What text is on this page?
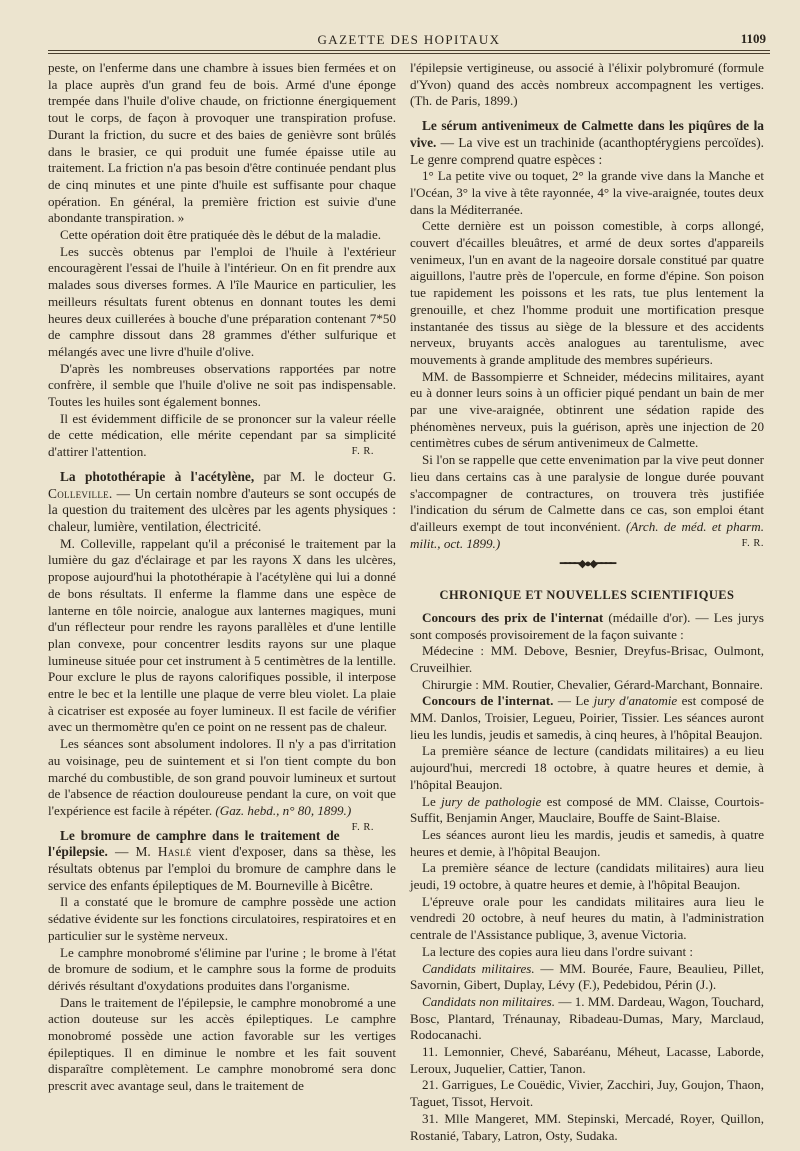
GAZETTE DES HOPITAUX	1109

peste, on l'enferme dans une chambre à issues bien fermées et on la place auprès d'un grand feu de bois. Armé d'une éponge trempée dans l'huile d'olive chaude, on frictionne énergiquement tout le corps, de façon à provoquer une transpiration profuse. Durant la friction, du sucre et des baies de genièvre sont brûlés dans le brasier, ce qui produit une fumée épaisse utile au traitement. La friction n'a pas besoin d'être continuée pendant plus de cinq minutes et une pinte d'huile est suffisante pour chaque opération. En général, la première friction est suivie d'une abondante transpiration. »

Cette opération doit être pratiquée dès le début de la maladie.

Les succès obtenus par l'emploi de l'huile à l'extérieur encouragèrent l'essai de l'huile à l'intérieur. On en fit prendre aux malades sous diverses formes. A l'île Maurice en particulier, les meilleurs résultats furent obtenus en donnant toutes les demi heures deux cuillerées à bouche d'une préparation contenant 7*50 de camphre dissout dans 28 grammes d'éther sulfurique et mélangés avec une livre d'huile d'olive.

D'après les nombreuses observations rapportées par notre confrère, il semble que l'huile d'olive ne soit pas indispensable. Toutes les huiles sont également bonnes.

Il est évidemment difficile de se prononcer sur la valeur réelle de cette médication, elle mérite cependant par sa simplicité d'attirer l'attention.	F. R.

La photothérapie à l'acétylène, par M. le docteur G. Colleville. — Un certain nombre d'auteurs se sont occupés de la question du traitement des ulcères par les agents physiques : chaleur, lumière, ventilation, électricité.

M. Colleville, rappelant qu'il a préconisé le traitement par la lumière du gaz d'éclairage et par les rayons X dans les ulcères, propose aujourd'hui la photothérapie à l'acétylène qui lui a donné de bons résultats. Il enferme la flamme dans une espèce de lanterne en tôle noircie, analogue aux lanternes magiques, muni d'un réflecteur pour rendre les rayons parallèles et d'une lentille plan convexe, pour concentrer lesdits rayons sur une plaque lumineuse située pour cet instrument à 5 centimètres de la lentille. Pour exclure le plus de rayons calorifiques possible, il interpose entre le bec et la lentille une plaque de verre bleu violet. La plaie à cicatriser est exposée au foyer lumineux. Il est facile de vérifier avec un thermomètre qu'en ce point on ne ressent pas de chaleur.

Les séances sont absolument indolores. Il n'y a pas d'irritation au voisinage, peu de suintement et si l'on tient compte du bon marché du combustible, de son grand pouvoir lumineux et surtout de l'absence de réaction douloureuse pendant la cure, on voit que l'expérience est facile à répéter. (Gaz. hebd., n° 80, 1899.)
F. R.

Le bromure de camphre dans le traitement de l'épilepsie. — M. Haslé vient d'exposer, dans sa thèse, les résultats obtenus par l'emploi du bromure de camphre dans le service des enfants épileptiques de M. Bourneville à Bicêtre.

Il a constaté que le bromure de camphre possède une action sédative évidente sur les fonctions circulatoires, respiratoires et en particulier sur le système nerveux.

Le camphre monobromé s'élimine par l'urine ; le brome à l'état de bromure de sodium, et le camphre sous la forme de produits dérivés résultant d'oxydations produites dans l'organisme.

Dans le traitement de l'épilepsie, le camphre monobromé a une action douteuse sur les accès épileptiques. Le camphre monobromé possède une action favorable sur les vertiges épileptiques. Il en diminue le nombre et les fait souvent disparaître complètement. Le camphre monobromé sera donc prescrit avec avantage seul, dans le traitement de

l'épilepsie vertigineuse, ou associé à l'élixir polybromuré (formule d'Yvon) quand des accès nombreux accompagnent les vertiges. (Th. de Paris, 1899.)

Le sérum antivenimeux de Calmette dans les piqûres de la vive. — La vive est un trachinide (acanthoptérygiens percoïdes). Le genre comprend quatre espèces :

1° La petite vive ou toquet, 2° la grande vive dans la Manche et l'Océan, 3° la vive à tête rayonnée, 4° la vive-araignée, toutes deux dans la Méditerranée.

Cette dernière est un poisson comestible, à corps allongé, couvert d'écailles bleuâtres, et armé de deux sortes d'appareils venimeux, l'un en avant de la nageoire dorsale constitué par quatre aiguillons, l'autre près de l'opercule, en forme d'épine. Son poison tue rapidement les poissons et les rats, tue plus lentement la grenouille, et chez l'homme produit une mortification presque instantanée des tissus au siège de la blessure et des accidents nerveux, bruyants accès analogues au tarentulisme, avec mouvements à grande amplitude des membres supérieurs.

MM. de Bassompierre et Schneider, médecins militaires, ayant eu à donner leurs soins à un officier piqué pendant un bain de mer par une vive-araignée, obtinrent une sédation rapide des phénomènes nerveux, puis la guérison, après une injection de 20 centimètres cubes de sérum antivenimeux de Calmette.

Si l'on se rappelle que cette envenimation par la vive peut donner lieu dans certains cas à une paralysie de longue durée pouvant s'accompagner de contractures, on trouvera très justifiée l'indication du sérum de Calmette dans ce cas, son emploi étant d'ailleurs exempt de tout inconvénient. (Arch. de méd. et pharm. milit., oct. 1899.)	F. R.

━━━━◆●◆━━━━
CHRONIQUE ET NOUVELLES SCIENTIFIQUES

Concours des prix de l'internat (médaille d'or). — Les jurys sont composés provisoirement de la façon suivante :

Médecine : MM. Debove, Besnier, Dreyfus-Brisac, Oulmont, Cruveilhier.

Chirurgie : MM. Routier, Chevalier, Gérard-Marchant, Bonnaire.

Concours de l'internat. — Le jury d'anatomie est composé de MM. Danlos, Troisier, Legueu, Poirier, Tissier. Les séances auront lieu les lundis, jeudis et samedis, à cinq heures, à l'hôpital Beaujon.

La première séance de lecture (candidats militaires) a eu lieu aujourd'hui, mercredi 18 octobre, à quatre heures et demie, à l'hôpital Beaujon.

Le jury de pathologie est composé de MM. Claisse, Courtois-Suffit, Benjamin Anger, Mauclaire, Bouffe de Saint-Blaise.

Les séances auront lieu les mardis, jeudis et samedis, à quatre heures et demie, à l'hôpital Beaujon.

La première séance de lecture (candidats militaires) aura lieu jeudi, 19 octobre, à quatre heures et demie, à l'hôpital Beaujon.

L'épreuve orale pour les candidats militaires aura lieu le vendredi 20 octobre, à neuf heures du matin, à l'administration centrale de l'Assistance publique, 3, avenue Victoria.

La lecture des copies aura lieu dans l'ordre suivant :

Candidats militaires. — MM. Bourée, Faure, Beaulieu, Pillet, Savornin, Gibert, Duplay, Lévy (F.), Pedebidou, Périn (J.).

Candidats non militaires. — 1. MM. Dardeau, Wagon, Touchard, Bosc, Plantard, Trénaunay, Ribadeau-Dumas, Mary, Marclaud, Rodocanachi.

11. Lemonnier, Chevé, Sabaréanu, Méheut, Lacasse, Laborde, Leroux, Juquelier, Cattier, Tanon.

21. Garrigues, Le Couëdic, Vivier, Zacchiri, Juy, Goujon, Thaon, Taguet, Tissot, Hervoit.

31. Mlle Mangeret, MM. Stepinski, Mercadé, Royer, Quillon, Rostanié, Tabary, Latron, Osty, Sudaka.
